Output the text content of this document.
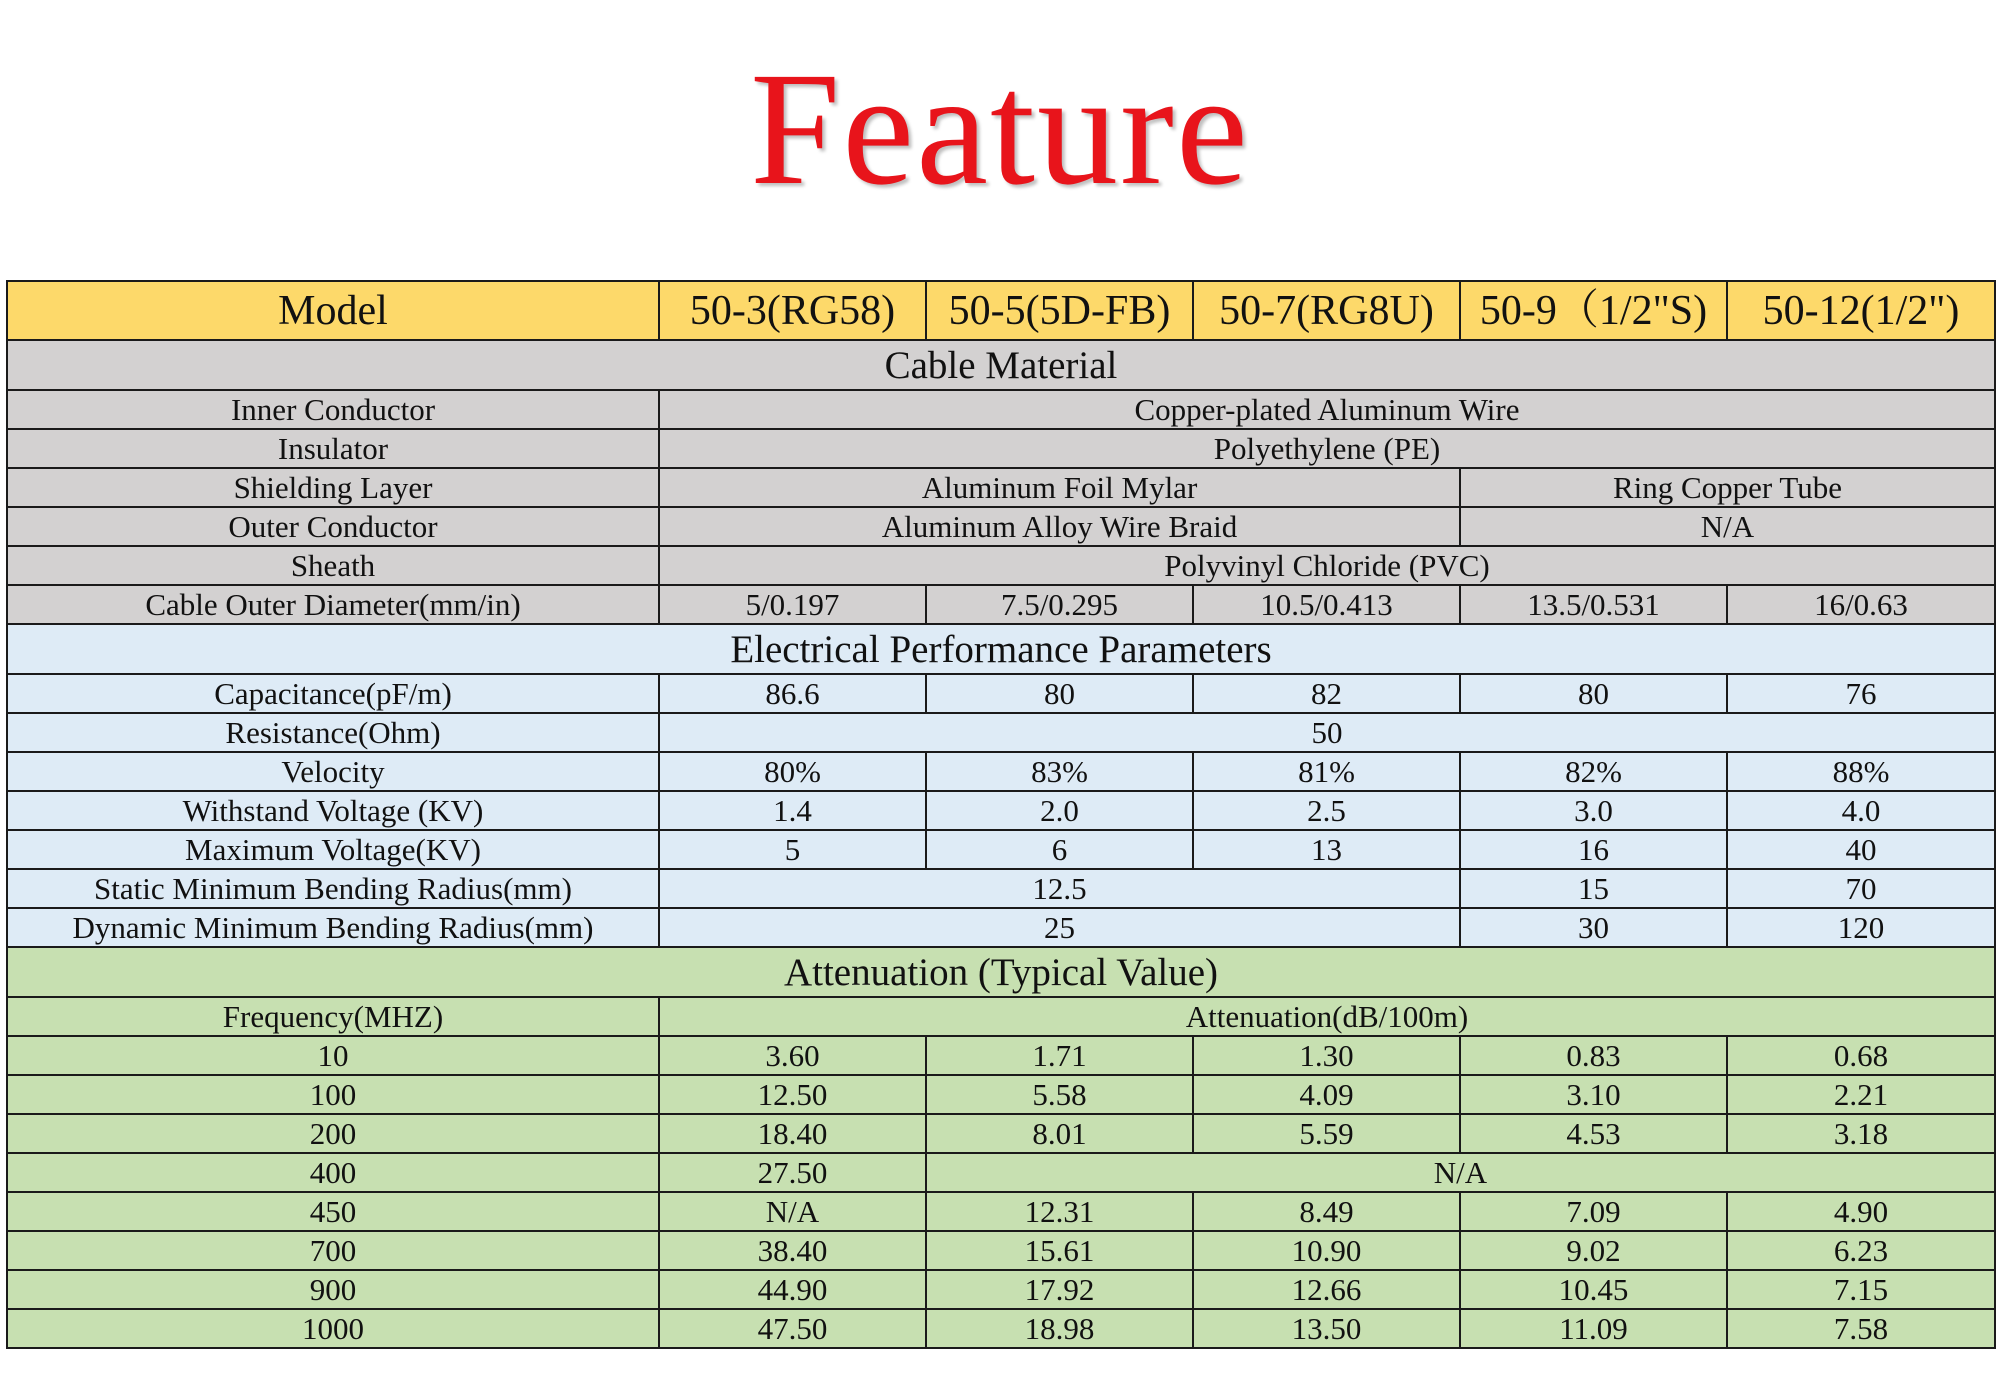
Feature
Model	50-3(RG58)	50-5(5D-FB)	50-7(RG8U)	50-9（1/2"S)	50-12(1/2")
Cable Material					
Inner Conductor	Copper-plated Aluminum Wire				
Insulator	Polyethylene (PE)				
Shielding Layer	Aluminum Foil Mylar			Ring Copper Tube	
Outer Conductor	Aluminum Alloy Wire Braid			N/A	
Sheath	Polyvinyl Chloride (PVC)				
Cable Outer Diameter(mm/in)	5/0.197	7.5/0.295	10.5/0.413	13.5/0.531	16/0.63
Electrical Performance Parameters					
Capacitance(pF/m)	86.6	80	82	80	76
Resistance(Ohm)	50				
Velocity	80%	83%	81%	82%	88%
Withstand Voltage (KV)	1.4	2.0	2.5	3.0	4.0
Maximum Voltage(KV)	5	6	13	16	40
Static Minimum Bending Radius(mm)	12.5			15	70
Dynamic Minimum Bending Radius(mm)	25			30	120
Attenuation (Typical Value)					
Frequency(MHZ)	Attenuation(dB/100m)				
10	3.60	1.71	1.30	0.83	0.68
100	12.50	5.58	4.09	3.10	2.21
200	18.40	8.01	5.59	4.53	3.18
400	27.50	N/A			
450	N/A	12.31	8.49	7.09	4.90
700	38.40	15.61	10.90	9.02	6.23
900	44.90	17.92	12.66	10.45	7.15
1000	47.50	18.98	13.50	11.09	7.58
